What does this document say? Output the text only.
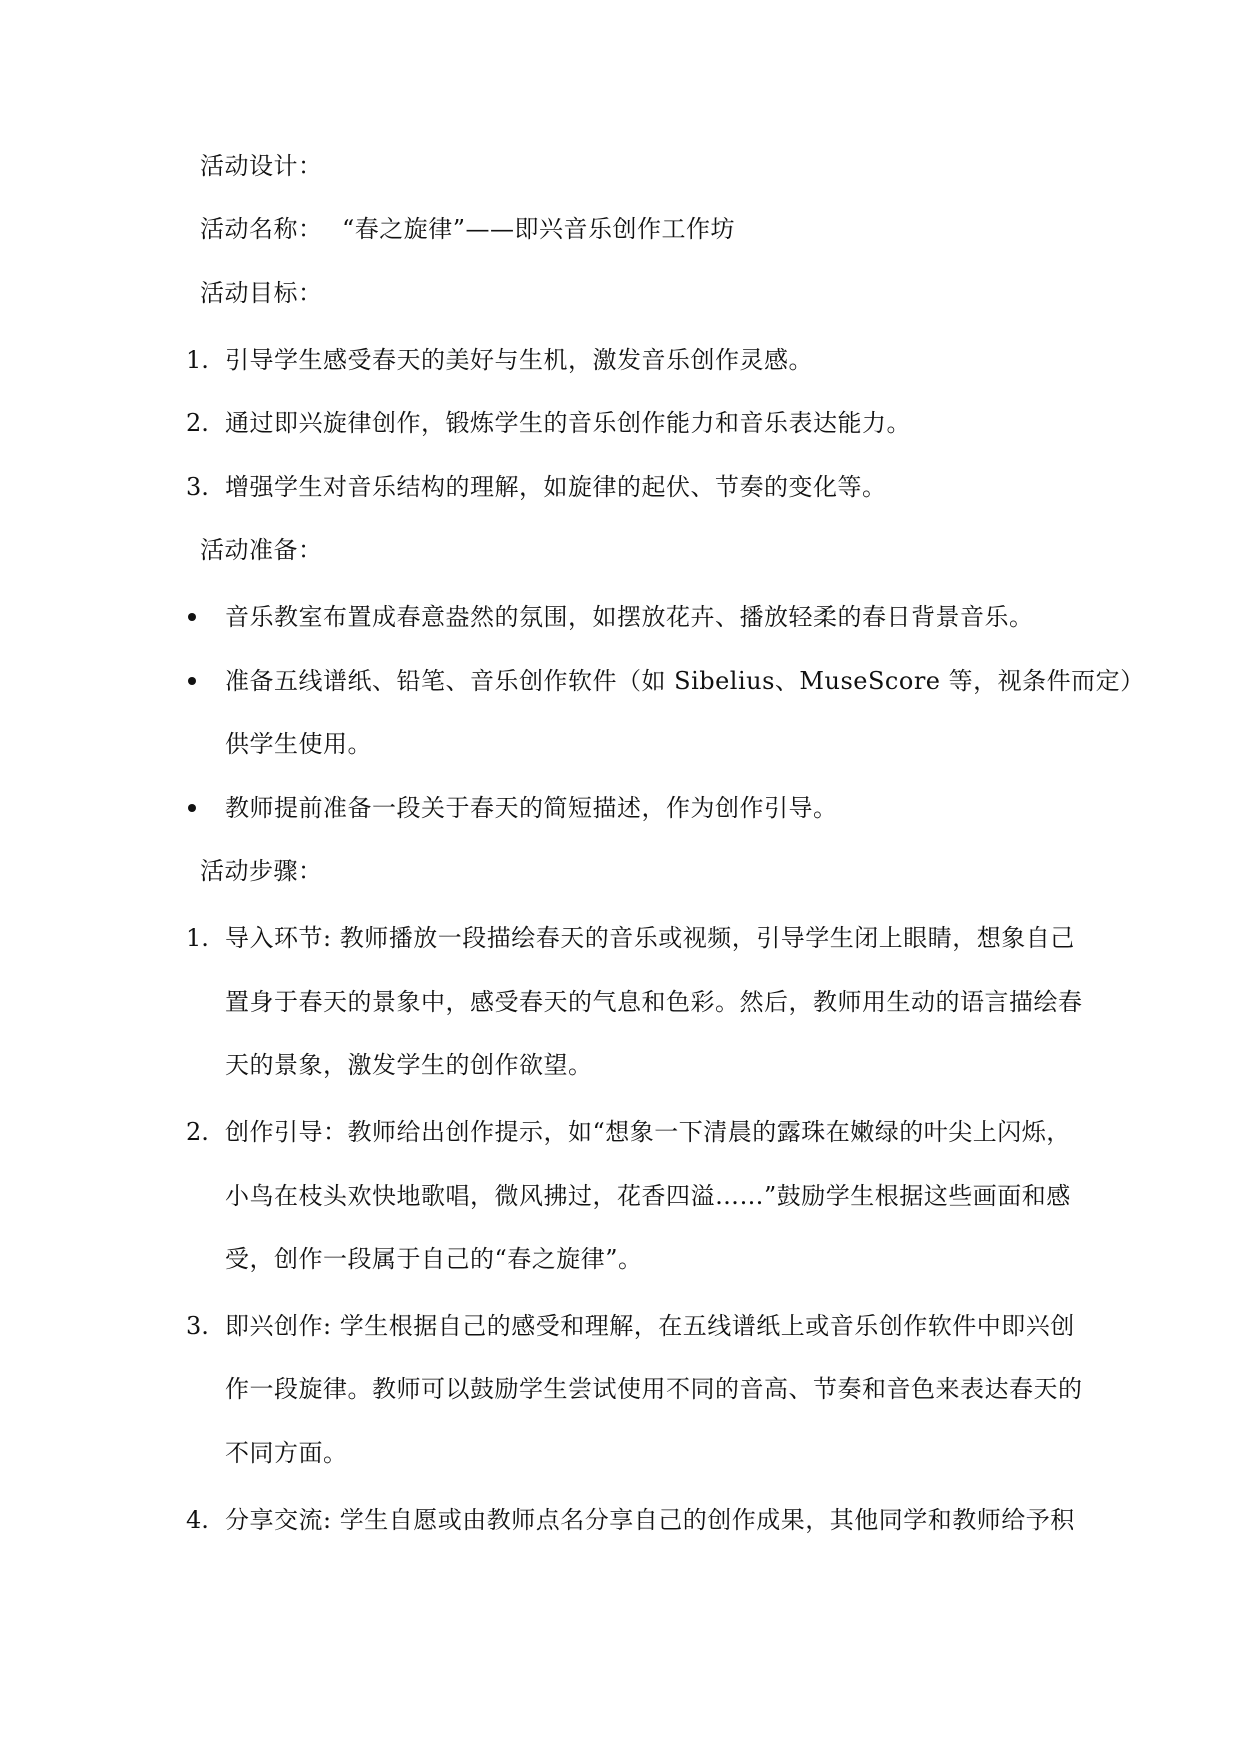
活动设计：
活动名称： “春之旋律”——即兴音乐创作工作坊
活动目标：
1. 引导学生感受春天的美好与生机，激发音乐创作灵感。
2. 通过即兴旋律创作，锻炼学生的音乐创作能力和音乐表达能力。
3. 增强学生对音乐结构的理解，如旋律的起伏、节奏的变化等。
活动准备：
音乐教室布置成春意盎然的氛围，如摆放花卉、播放轻柔的春日背景音乐。
准备五线谱纸、铅笔、音乐创作软件（如 Sibelius、MuseScore 等，视条件而定）
供学生使用。
教师提前准备一段关于春天的简短描述，作为创作引导。
活动步骤：
1. 导入环节: 教师播放一段描绘春天的音乐或视频，引导学生闭上眼睛，想象自己
置身于春天的景象中，感受春天的气息和色彩。然后，教师用生动的语言描绘春
天的景象，激发学生的创作欲望。
2. 创作引导：教师给出创作提示，如“想象一下清晨的露珠在嫩绿的叶尖上闪烁，
小鸟在枝头欢快地歌唱，微风拂过，花香四溢……”鼓励学生根据这些画面和感
受，创作一段属于自己的“春之旋律”。
3. 即兴创作: 学生根据自己的感受和理解，在五线谱纸上或音乐创作软件中即兴创
作一段旋律。教师可以鼓励学生尝试使用不同的音高、节奏和音色来表达春天的
不同方面。
4. 分享交流: 学生自愿或由教师点名分享自己的创作成果，其他同学和教师给予积
